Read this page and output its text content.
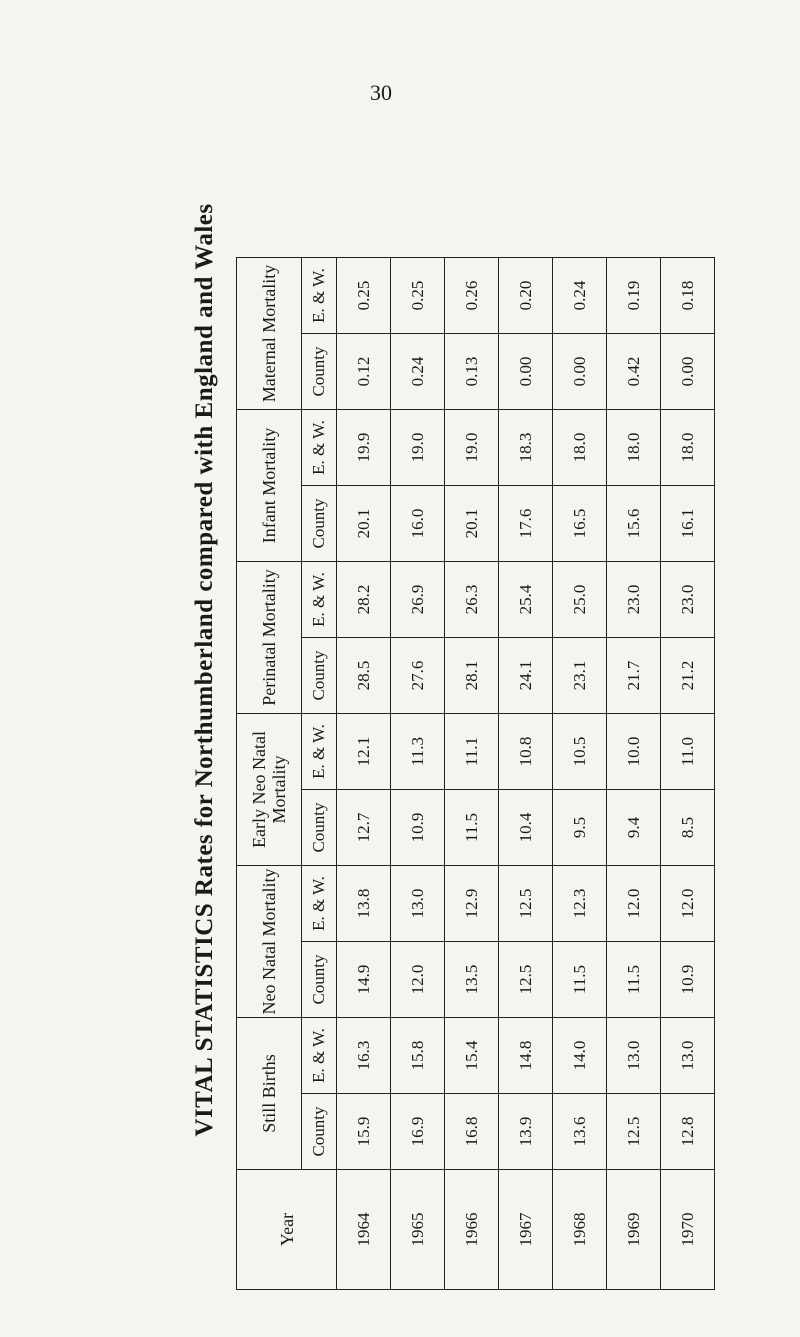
30
VITAL STATISTICS Rates for Northumberland compared with England and Wales
Year	Still Births		Neo Natal Mortality		Early Neo Natal Mortality		Perinatal Mortality		Infant Mortality		Maternal Mortality	
	County	E. & W.	County	E. & W.	County	E. & W.	County	E. & W.	County	E. & W.	County	E. & W.
1964	15.9	16.3	14.9	13.8	12.7	12.1	28.5	28.2	20.1	19.9	0.12	0.25
1965	16.9	15.8	12.0	13.0	10.9	11.3	27.6	26.9	16.0	19.0	0.24	0.25
1966	16.8	15.4	13.5	12.9	11.5	11.1	28.1	26.3	20.1	19.0	0.13	0.26
1967	13.9	14.8	12.5	12.5	10.4	10.8	24.1	25.4	17.6	18.3	0.00	0.20
1968	13.6	14.0	11.5	12.3	9.5	10.5	23.1	25.0	16.5	18.0	0.00	0.24
1969	12.5	13.0	11.5	12.0	9.4	10.0	21.7	23.0	15.6	18.0	0.42	0.19
1970	12.8	13.0	10.9	12.0	8.5	11.0	21.2	23.0	16.1	18.0	0.00	0.18
